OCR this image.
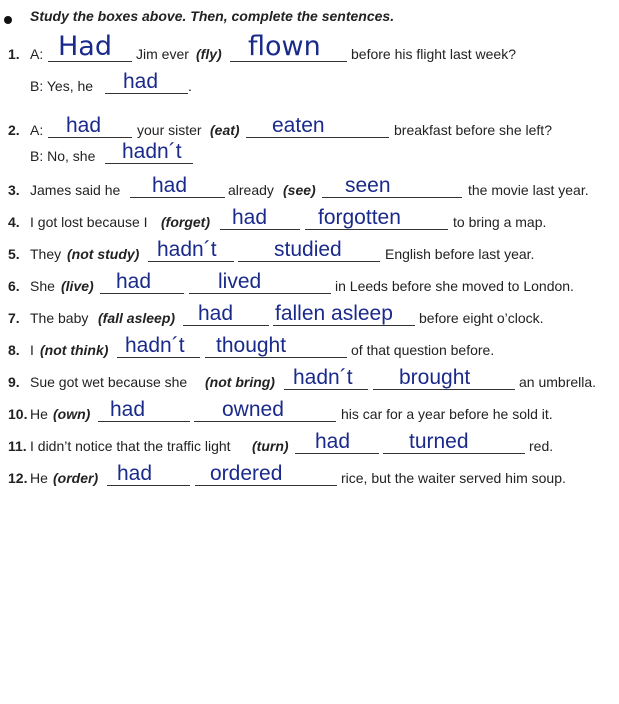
Study the boxes above. Then, complete the sentences.
1. A: Had Jim ever (fly) flown before his flight last week?
B: Yes, he had .
2. A: had	your sister (eat) eaten	breakfast before she left?
B: No, she hadn´t
3. James said he had	already (see) seen	the movie last year.
4. I got lost because I (forget) had forgotten	to bring a map.
5. They (not study) hadn´t	studied	English before last year.
6. She (live) had	lived	in Leeds before she moved to London.
7. The baby (fall asleep) had fallen asleep before eight o’clock.
8. I (not think) hadn´t thought	of that question before.
9. Sue got wet because she (not bring) hadn´t brought	an umbrella.
10. He (own) had	owned	his car for a year before he sold it.
11. I didn’t notice that the traffic light (turn) had	turned	red.
12. He (order) had	ordered	rice, but the waiter served him soup.
